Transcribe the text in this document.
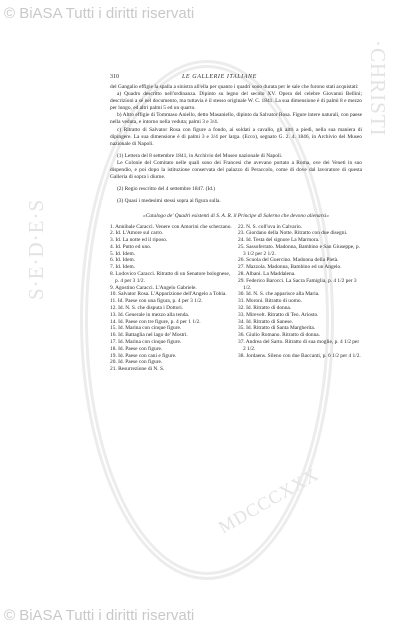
© BiASA Tutti i diritti riservati
S·E·D·E·S
·CHRISTI
MDCCCXXX
310	LE GALLERIE ITALIANE

del Gangalio effigie la spalla a sinistra all'ella per quanto i quadri sono durata per le sale che furono stati acquistati:

a) Quadro descritto nell'ordinanza. Dipinto su legno del secolo XV. Opera del celebre Giovanni Bellini; descrizioni a sé nel documento, ma tuttavia è il stesso originale W. C. 1841. La sua dimensione è di palmi 8 e mezzo per lungo, ed altri palmi 5 ed un quarto.

b) Altro effigie di Tommaso Aniello, detto Masaniello, dipinto da Salvator Rosa. Figure intere naturali, con paese nella veduta, e intorno nella veduta; palmi 3 e 3/4.

c) Ritratto di Salvator Rosa con figure a fondo, ai soldati a cavallo, gli altri a piedi, nella sua maniera di dipingere. La sua dimensione è di palmi 3 e 3/4 per larga. (Ecco), segnato G. 2. 4. 1846, in Archivio del Museo nazionale di Napoli.

(1) Lettera del 8 settembre 1841, in Archivio del Museo nazionale di Napoli.

Le Colonie del Comitato nelle quali sono dei Francesi che avevano portato a Roma, ove dei Veneti in suo dispendio, e poi dopo la istituzione conservata del palazzo di Peraccolo, come di dove dal lavoratore di questa Galleria di sopra i diurne.

(2) Regio rescritto del 4 settembre 1847. (Id.)

(3) Quasi i medesimi stessi sopra ai figura sulla.

«Catalogo de' Quadri esistenti di S. A. R. il Principe di Salerno che devono alienarsi»

1. Annibale Caracci. Venere con Amorini che scherzano.
2. Id. L'Amore sul carro.
3. Id. La notte ed il riposo.
4. Id. Putto ed uno.
5. Id. Idem.
6. Id. Idem.
7. Id. Idem.
8. Lodovico Caracci. Ritratto di un Senatore bolognese, p. 4 per 3 1/2.
9. Agostino Caracci. L'Angelo Gabriele.
10. Salvator Rosa. L'Apparizione dell'Angelo a Tobia.
11. Id. Paese con una figura, p. 4 per 3 1/2.
12. Id. N. S. che disputa i Dottori.
13. Id. Generale in mezzo alla tenda.
14. Id. Paese con tre figure, p. 4 per 1 1/2.
15. Id. Marina con cinque figure.
16. Id. Battaglia nel lago de' Mostri.
17. Id. Marina con cinque figure.
18. Id. Paese con figure.
19. Id. Paese con cani e figure.
20. Id. Paese con figure.
21. Resurrezione di N. S.
22. N. S. coll'uva in Calvario.
23. Giordano della Notte. Ritratto con due disegni.
24. Id. Testa del signore La Marmora.
25. Sassoferrato. Madonna, Bambino e San Giuseppe, p. 3 1/2 per 2 1/2.
26. Scuola del Guercino. Madonna della Pietà.
27. Mazzola. Madonna, Bambino ed un Angelo.
28. Albani. La Maddalena.
29. Federico Barocci. La Sacra Famiglia, p. 4 1/2 per 3 1/2.
30. Id. N. S. che apparisce alla Maria.
31. Moroni. Ritratto di uomo.
32. Id. Ritratto di donna.
33. Mirevelt. Ritratto di Teo. Ariosto.
34. Id. Ritratto di Sanese.
35. Id. Ritratto di Santa Margherita.
36. Giulio Romano. Ritratto di donna.
37. Andrea del Sarto. Ritratto di sua moglie, p. 4 1/2 per 2 1/2.
38. Jordaens. Sileno con due Baccanti, p. 6 1/2 per 4 1/2.
© BiASA Tutti i diritti riservati
